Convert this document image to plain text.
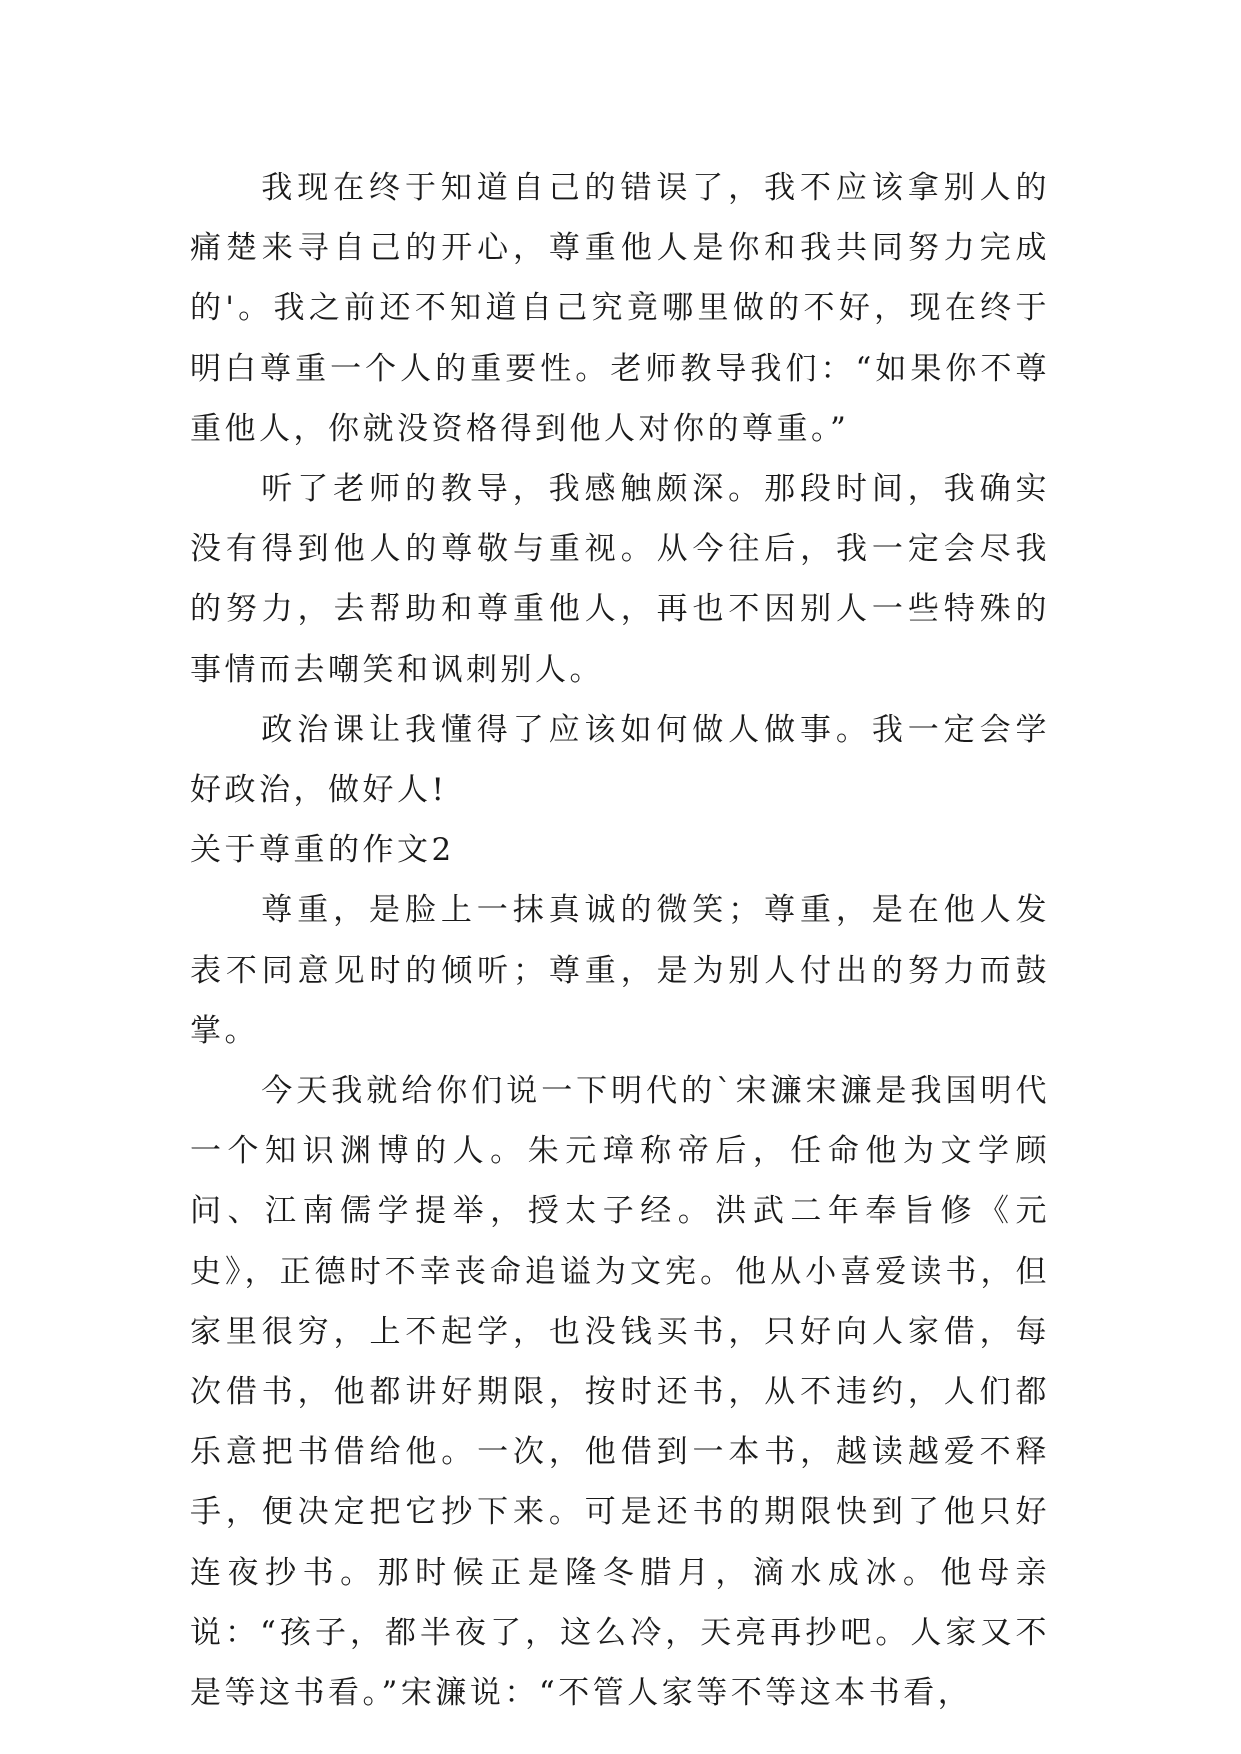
我现在终于知道自己的错误了，我不应该拿别人的痛楚来寻自己的开心，尊重他人是你和我共同努力完成的'。我之前还不知道自己究竟哪里做的不好，现在终于明白尊重一个人的重要性。老师教导我们：“如果你不尊重他人，你就没资格得到他人对你的尊重。”

听了老师的教导，我感触颇深。那段时间，我确实没有得到他人的尊敬与重视。从今往后，我一定会尽我的努力，去帮助和尊重他人，再也不因别人一些特殊的事情而去嘲笑和讽刺别人。

政治课让我懂得了应该如何做人做事。我一定会学好政治，做好人!

关于尊重的作文2

尊重，是脸上一抹真诚的微笑；尊重，是在他人发表不同意见时的倾听；尊重，是为别人付出的努力而鼓掌。

今天我就给你们说一下明代的`宋濂宋濂是我国明代一个知识渊博的人。朱元璋称帝后，任命他为文学顾问、江南儒学提举，授太子经。洪武二年奉旨修《元史》，正德时不幸丧命追谥为文宪。他从小喜爱读书，但家里很穷，上不起学，也没钱买书，只好向人家借，每次借书，他都讲好期限，按时还书，从不违约，人们都乐意把书借给他。一次，他借到一本书，越读越爱不释手，便决定把它抄下来。可是还书的期限快到了他只好连夜抄书。那时候正是隆冬腊月，滴水成冰。他母亲说：“孩子，都半夜了，这么冷，天亮再抄吧。人家又不是等这书看。”宋濂说：“不管人家等不等这本书看，
